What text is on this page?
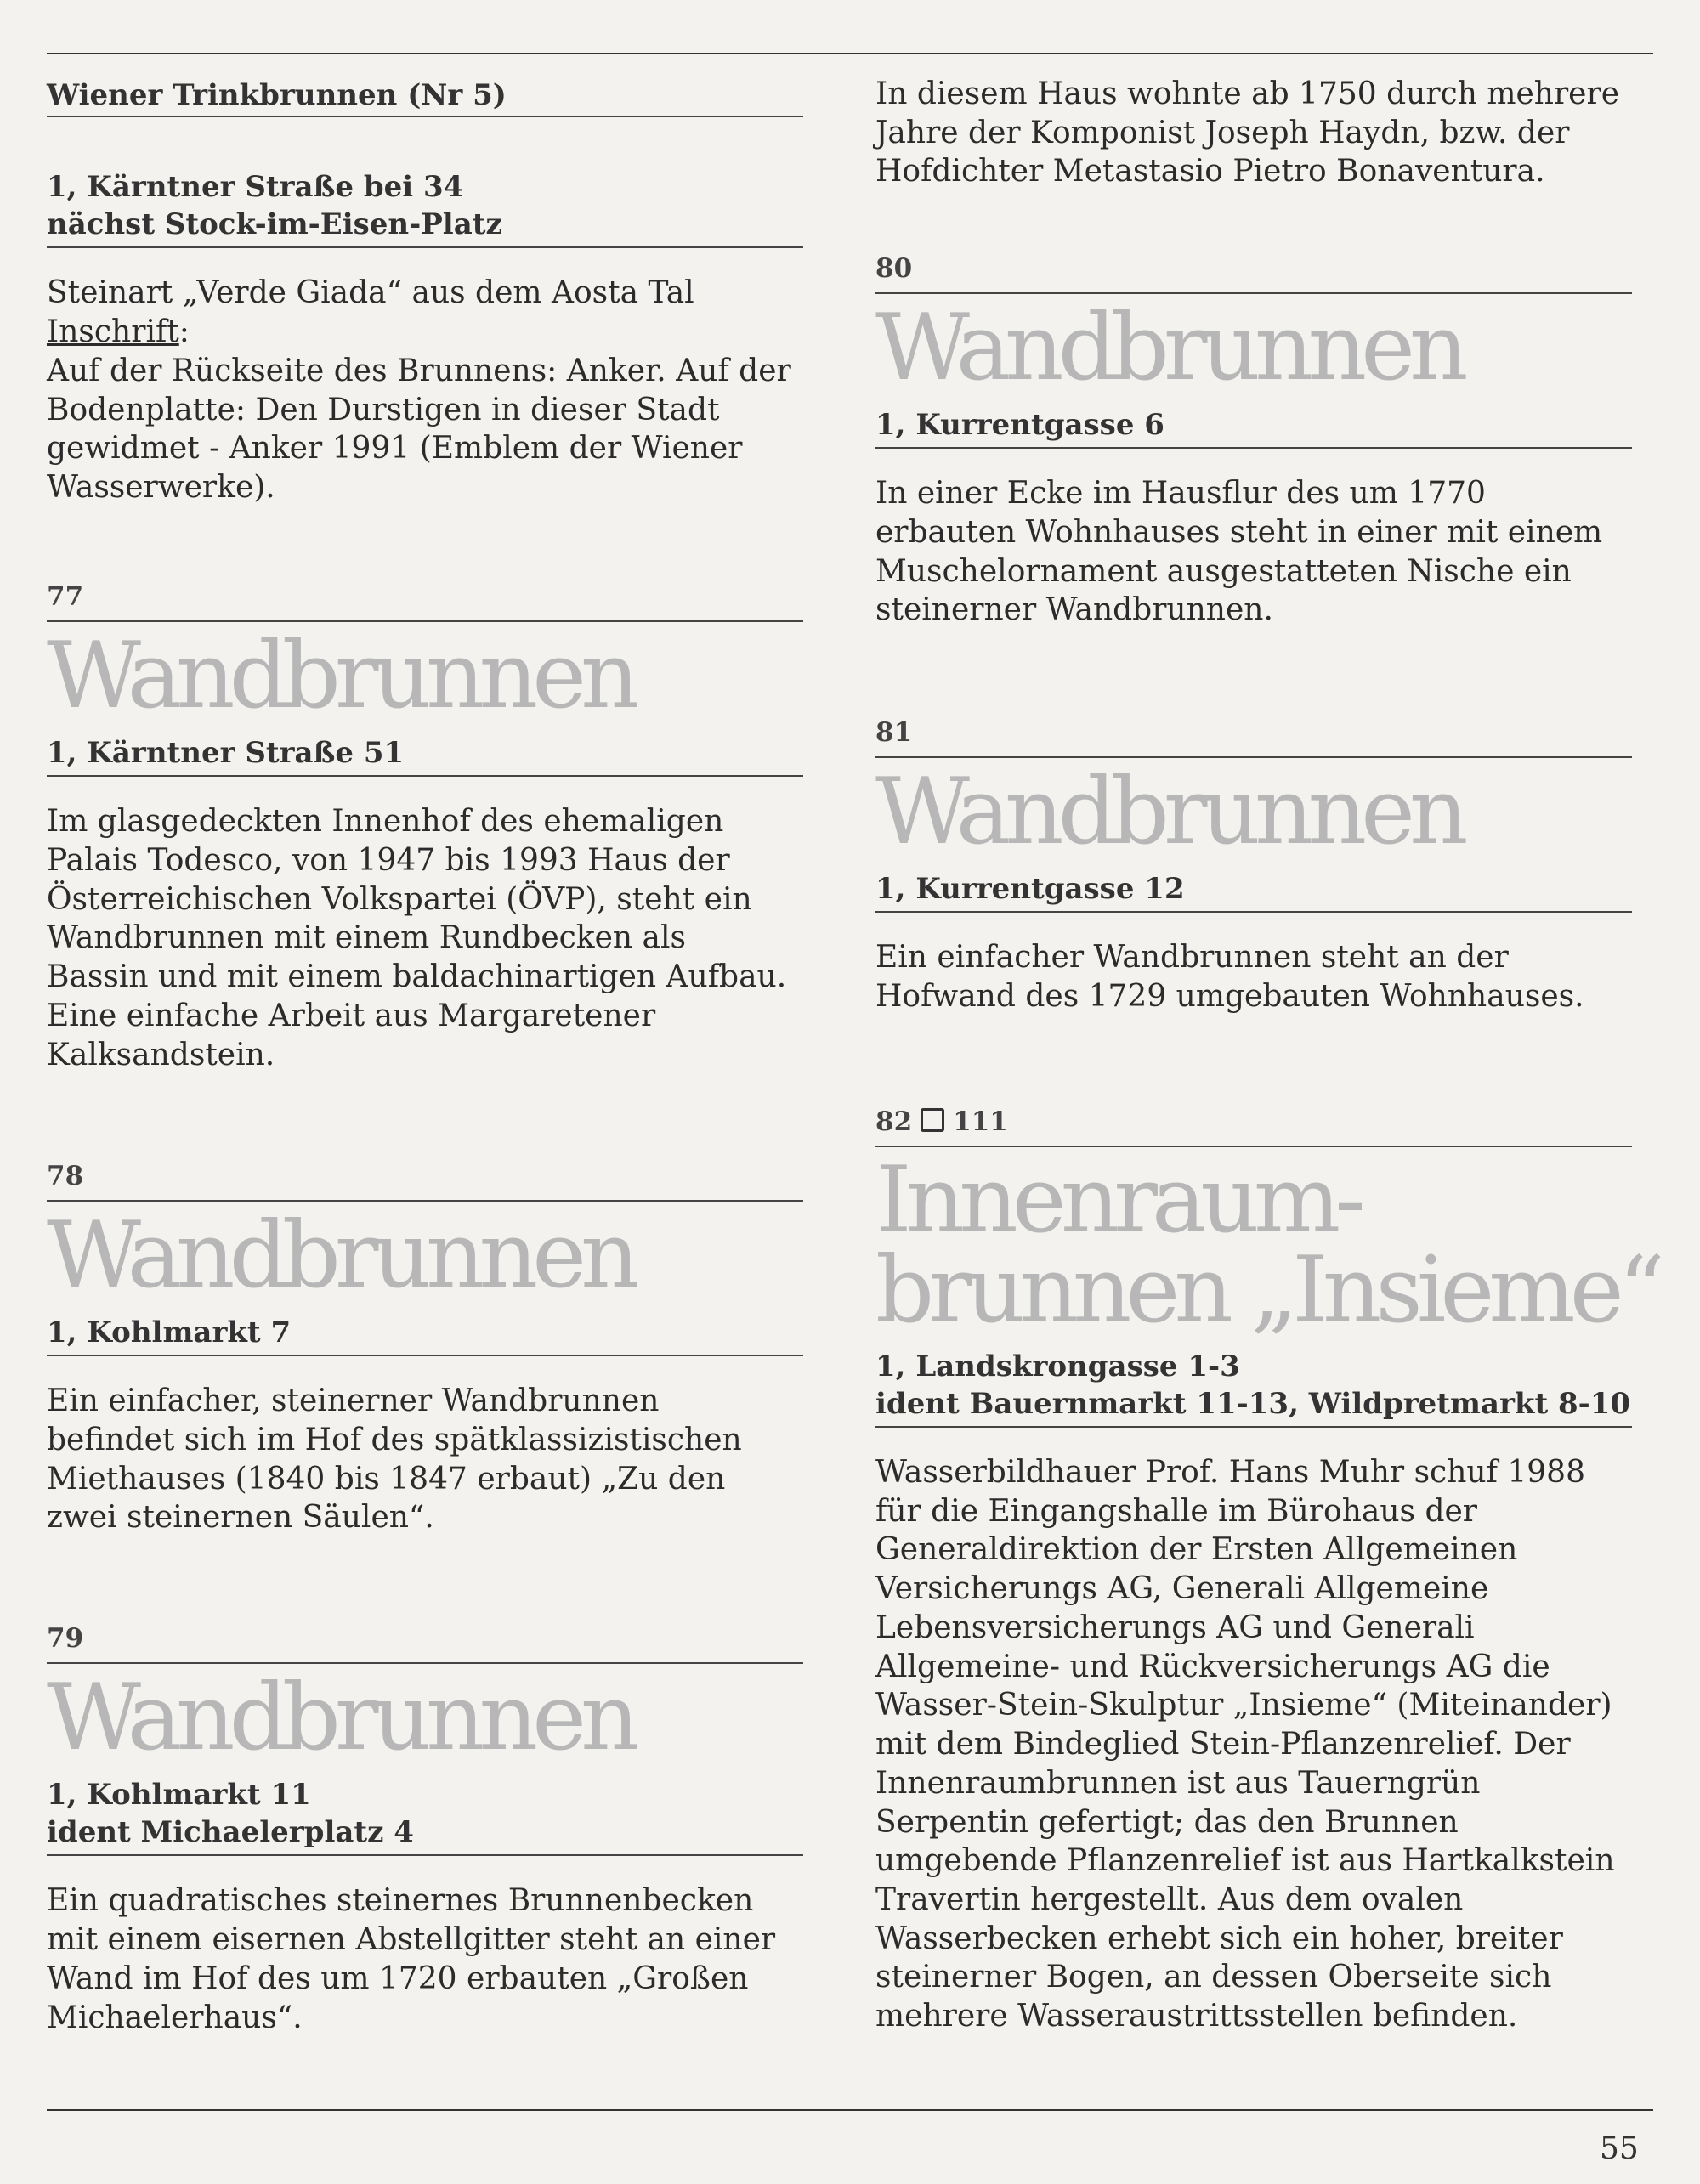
Wiener Trinkbrunnen (Nr 5)
1, Kärntner Straße bei 34
nächst Stock-im-Eisen-Platz
Steinart „Verde Giada“ aus dem Aosta Tal
Inschrift:
Auf der Rückseite des Brunnens: Anker. Auf der Bodenplatte: Den Durstigen in dieser Stadt gewidmet - Anker 1991 (Emblem der Wiener Wasserwerke).
77
Wandbrunnen
1, Kärntner Straße 51
Im glasgedeckten Innenhof des ehemaligen Palais Todesco, von 1947 bis 1993 Haus der Österreichischen Volkspartei (ÖVP), steht ein Wandbrunnen mit einem Rundbecken als Bassin und mit einem baldachinartigen Aufbau. Eine einfache Arbeit aus Margaretener Kalksandstein.
78
Wandbrunnen
1, Kohlmarkt 7
Ein einfacher, steinerner Wandbrunnen befindet sich im Hof des spätklassizistischen Miethauses (1840 bis 1847 erbaut) „Zu den zwei steinernen Säulen“.
79
Wandbrunnen
1, Kohlmarkt 11
ident Michaelerplatz 4
Ein quadratisches steinernes Brunnenbecken mit einem eisernen Abstellgitter steht an einer Wand im Hof des um 1720 erbauten „Großen Michaelerhaus“.
In diesem Haus wohnte ab 1750 durch mehrere Jahre der Komponist Joseph Haydn, bzw. der Hofdichter Metastasio Pietro Bonaventura.
80
Wandbrunnen
1, Kurrentgasse 6
In einer Ecke im Hausflur des um 1770 erbauten Wohnhauses steht in einer mit einem Muschelornament ausgestatteten Nische ein steinerner Wandbrunnen.
81
Wandbrunnen
1, Kurrentgasse 12
Ein einfacher Wandbrunnen steht an der Hofwand des 1729 umgebauten Wohnhauses.
82 111
Innenraum-
brunnen „Insieme“
1, Landskrongasse 1-3
ident Bauernmarkt 11-13, Wildpretmarkt 8-10
Wasserbildhauer Prof. Hans Muhr schuf 1988 für die Eingangshalle im Bürohaus der Generaldirektion der Ersten Allgemeinen Versicherungs AG, Generali Allgemeine Lebensversicherungs AG und Generali Allgemeine- und Rückversicherungs AG die Wasser-Stein-Skulptur „Insieme“ (Miteinander) mit dem Bindeglied Stein-Pflanzenrelief. Der Innenraumbrunnen ist aus Tauerngrün Serpentin gefertigt; das den Brunnen umgebende Pflanzenrelief ist aus Hartkalkstein Travertin hergestellt. Aus dem ovalen Wasserbecken erhebt sich ein hoher, breiter steinerner Bogen, an dessen Oberseite sich mehrere Wasseraustrittsstellen befinden.
55
